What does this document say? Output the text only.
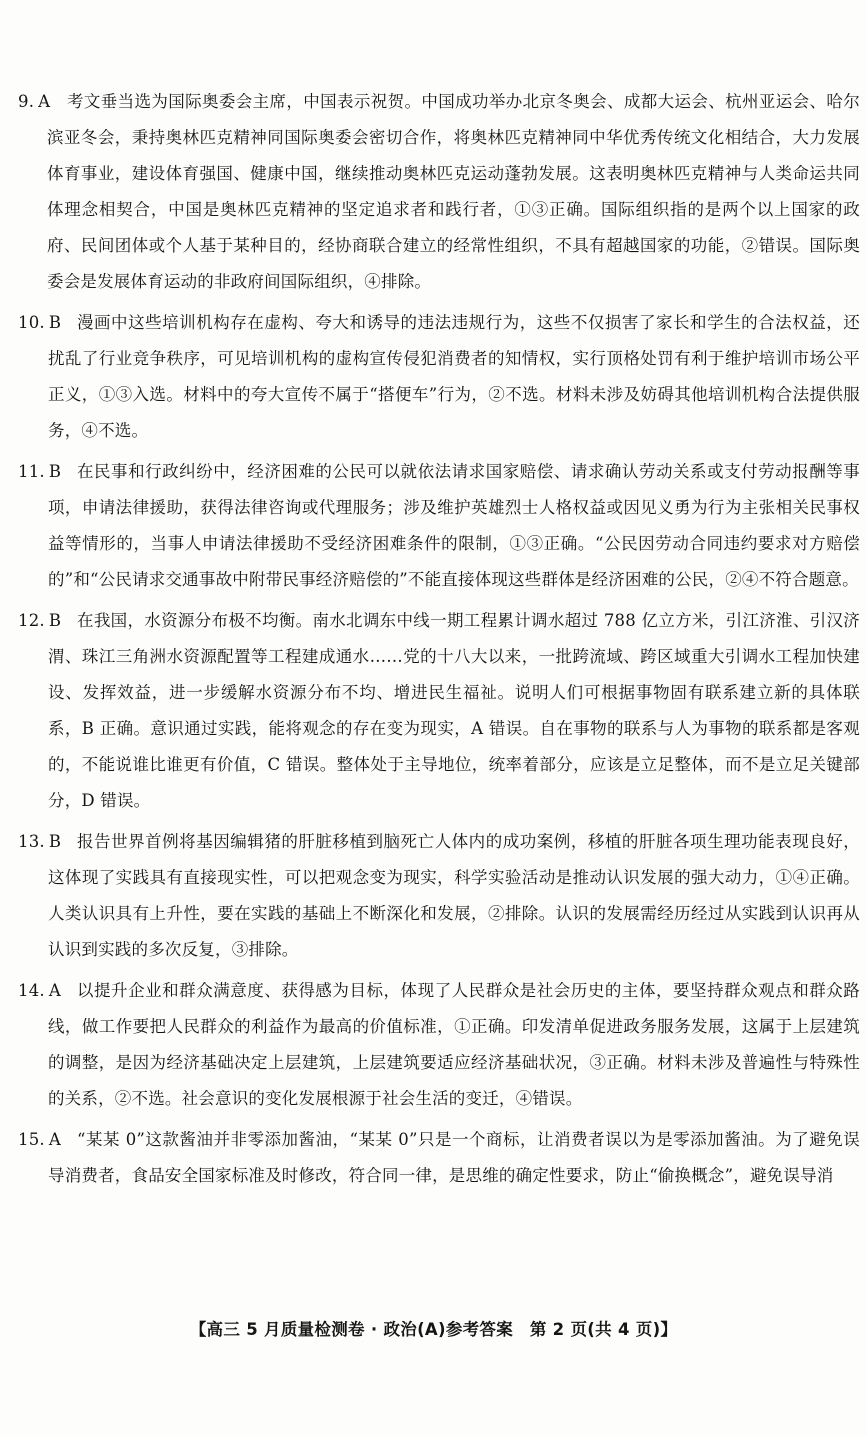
9. A	考文垂当选为国际奥委会主席，中国表示祝贺。中国成功举办北京冬奥会、成都大运会、杭州亚运会、哈尔滨亚冬会，秉持奥林匹克精神同国际奥委会密切合作，将奥林匹克精神同中华优秀传统文化相结合，大力发展体育事业，建设体育强国、健康中国，继续推动奥林匹克运动蓬勃发展。这表明奥林匹克精神与人类命运共同体理念相契合，中国是奥林匹克精神的坚定追求者和践行者，①③正确。国际组织指的是两个以上国家的政府、民间团体或个人基于某种目的，经协商联合建立的经常性组织，不具有超越国家的功能，②错误。国际奥委会是发展体育运动的非政府间国际组织，④排除。
10. B 漫画中这些培训机构存在虚构、夸大和诱导的违法违规行为，这些不仅损害了家长和学生的合法权益，还扰乱了行业竞争秩序，可见培训机构的虚构宣传侵犯消费者的知情权，实行顶格处罚有利于维护培训市场公平正义，①③入选。材料中的夸大宣传不属于“搭便车”行为，②不选。材料未涉及妨碍其他培训机构合法提供服务，④不选。
11. B 在民事和行政纠纷中，经济困难的公民可以就依法请求国家赔偿、请求确认劳动关系或支付劳动报酬等事项，申请法律援助，获得法律咨询或代理服务；涉及维护英雄烈士人格权益或因见义勇为行为主张相关民事权益等情形的，当事人申请法律援助不受经济困难条件的限制，①③正确。“公民因劳动合同违约要求对方赔偿的”和“公民请求交通事故中附带民事经济赔偿的”不能直接体现这些群体是经济困难的公民，②④不符合题意。
12. B 在我国，水资源分布极不均衡。南水北调东中线一期工程累计调水超过 788 亿立方米，引江济淮、引汉济渭、珠江三角洲水资源配置等工程建成通水……党的十八大以来，一批跨流域、跨区域重大引调水工程加快建设、发挥效益，进一步缓解水资源分布不均、增进民生福祉。说明人们可根据事物固有联系建立新的具体联系，B 正确。意识通过实践，能将观念的存在变为现实，A 错误。自在事物的联系与人为事物的联系都是客观的，不能说谁比谁更有价值，C 错误。整体处于主导地位，统率着部分，应该是立足整体，而不是立足关键部分，D 错误。
13. B 报告世界首例将基因编辑猪的肝脏移植到脑死亡人体内的成功案例，移植的肝脏各项生理功能表现良好，这体现了实践具有直接现实性，可以把观念变为现实，科学实验活动是推动认识发展的强大动力，①④正确。人类认识具有上升性，要在实践的基础上不断深化和发展，②排除。认识的发展需经历经过从实践到认识再从认识到实践的多次反复，③排除。
14. A 以提升企业和群众满意度、获得感为目标，体现了人民群众是社会历史的主体，要坚持群众观点和群众路线，做工作要把人民群众的利益作为最高的价值标准，①正确。印发清单促进政务服务发展，这属于上层建筑的调整，是因为经济基础决定上层建筑，上层建筑要适应经济基础状况，③正确。材料未涉及普遍性与特殊性的关系，②不选。社会意识的变化发展根源于社会生活的变迁，④错误。
15. A “某某 0”这款酱油并非零添加酱油，“某某 0”只是一个商标，让消费者误以为是零添加酱油。为了避免误导消费者，食品安全国家标准及时修改，符合同一律，是思维的确定性要求，防止“偷换概念”，避免误导消
【高三 5 月质量检测卷 · 政治(A)参考答案　第 2 页(共 4 页)】
